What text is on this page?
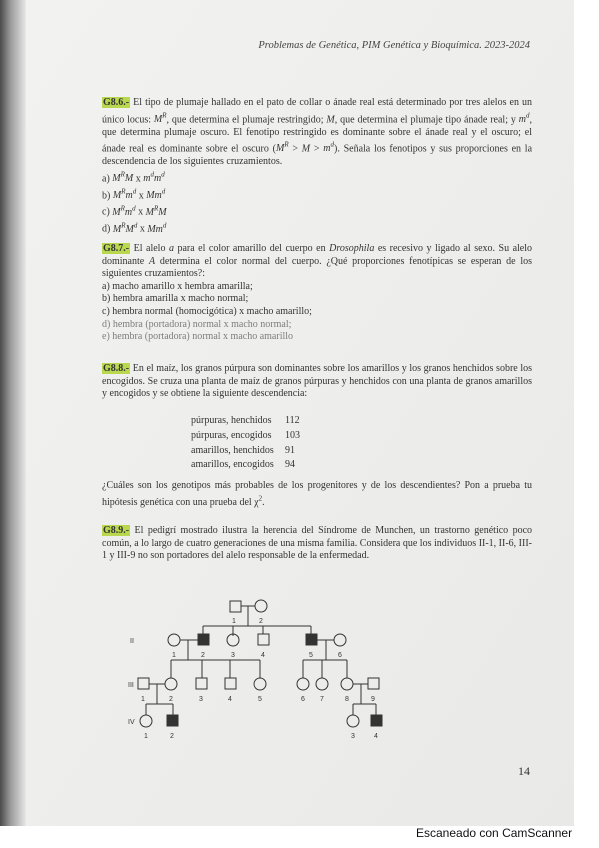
Problemas de Genética, PIM Genética y Bioquímica. 2023-2024
G8.6.- El tipo de plumaje hallado en el pato de collar o ánade real está determinado por tres alelos en un único locus: $M^R$, que determina el plumaje restringido; M, que determina el plumaje tipo ánade real; y $m^d$, que determina plumaje oscuro. El fenotipo restringido es dominante sobre el ánade real y el oscuro; el ánade real es dominante sobre el oscuro $(M^R > M > m^d)$. Señala los fenotipos y sus proporciones en la descendencia de los siguientes cruzamientos.
a) $M^RM$ x $m^dm^d$
b) $M^Rm^d$ x Mm$^d$
c) $M^Rm^d$ x $M^RM$
d) $M^RM^d$ x Mm$^d$
G8.7.- El alelo a para el color amarillo del cuerpo en Drosophila es recesivo y ligado al sexo. Su alelo dominante A determina el color normal del cuerpo. ¿Qué proporciones fenotípicas se esperan de los siguientes cruzamientos?:
a) macho amarillo x hembra amarilla;
b) hembra amarilla x macho normal;
c) hembra normal (homocigótica) x macho amarillo;
d) hembra (portadora) normal x macho normal;
e) hembra (portadora) normal x macho amarillo
G8.8.- En el maíz, los granos púrpura son dominantes sobre los amarillos y los granos henchidos sobre los encogidos. Se cruza una planta de maíz de granos púrpuras y henchidos con una planta de granos amarillos y encogidos y se obtiene la siguiente descendencia:
púrpuras, henchidos	112
púrpuras, encogidos	103
amarillos, henchidos	91
amarillos, encogidos	94
¿Cuáles son los genotipos más probables de los progenitores y de los descendientes? Pon a prueba tu hipótesis genética con una prueba del $\chi^2$.
G8.9.- El pedigrí mostrado ilustra la herencia del Síndrome de Munchen, un trastorno genético poco común, a lo largo de cuatro generaciones de una misma familia. Considera que los individuos II-1, II-6, III-1 y III-9 no son portadores del alelo responsable de la enfermedad.
II
III
IV
1	2
1	2	3	4	5	6
1	2	3	4	5	6 7	8	9
1	2	3	4
14
Escaneado con CamScanner
